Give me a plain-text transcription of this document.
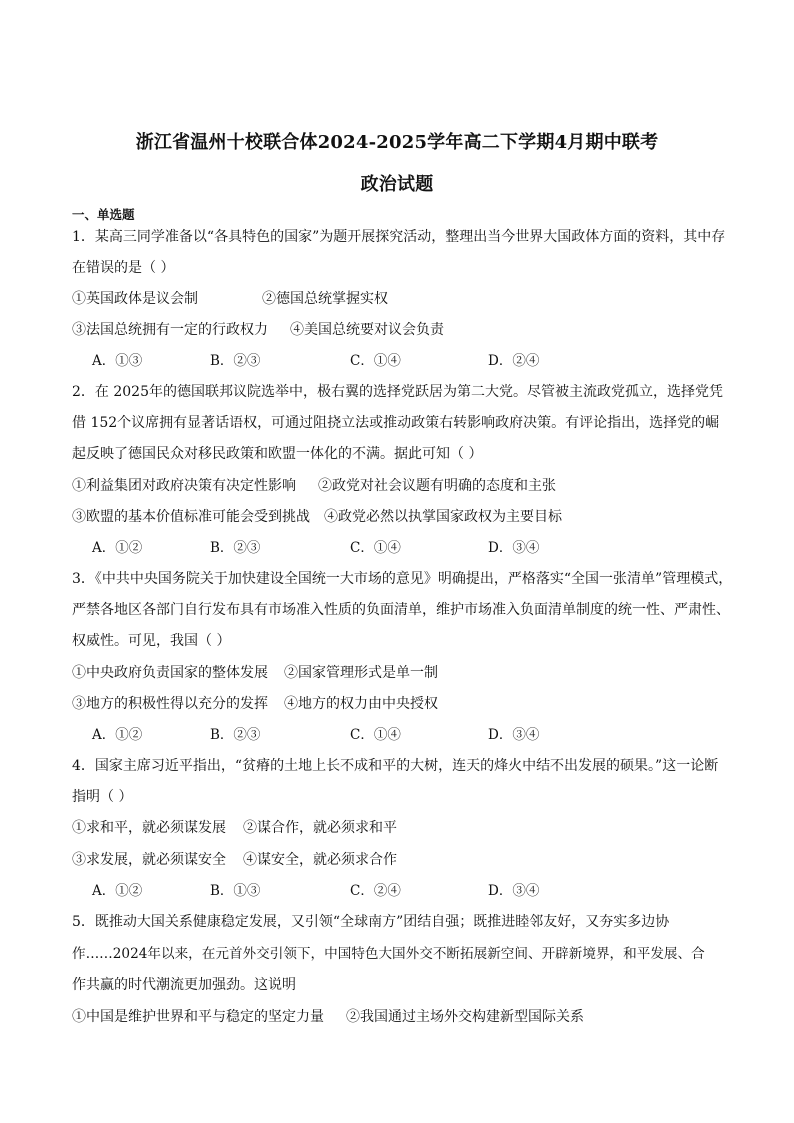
浙江省温州十校联合体2024-2025学年高二下学期4月期中联考
政治试题
一、单选题
1．某高三同学准备以“各具特色的国家”为题开展探究活动，整理出当今世界大国政体方面的资料，其中存
在错误的是（ ）
①英国政体是议会制	②德国总统掌握实权
③法国总统拥有一定的行政权力 ④美国总统要对议会负责
A．①③	B．②③	C．①④	D．②④
2．在 2025年的德国联邦议院选举中，极右翼的选择党跃居为第二大党。尽管被主流政党孤立，选择党凭
借 152个议席拥有显著话语权，可通过阻挠立法或推动政策右转影响政府决策。有评论指出，选择党的崛
起反映了德国民众对移民政策和欧盟一体化的不满。据此可知（ ）
①利益集团对政府决策有决定性影响 ②政党对社会议题有明确的态度和主张
③欧盟的基本价值标准可能会受到挑战 ④政党必然以执掌国家政权为主要目标
A．①②	B．②③	C．①④	D．③④
3．《中共中央国务院关于加快建设全国统一大市场的意见》明确提出，严格落实“全国一张清单”管理模式，
严禁各地区各部门自行发布具有市场准入性质的负面清单，维护市场准入负面清单制度的统一性、严肃性、
权威性。可见，我国（ ）
①中央政府负责国家的整体发展 ②国家管理形式是单一制
③地方的积极性得以充分的发挥 ④地方的权力由中央授权
A．①②	B．②③	C．①④	D．③④
4．国家主席习近平指出，“贫瘠的土地上长不成和平的大树，连天的烽火中结不出发展的硕果。”这一论断
指明（ ）
①求和平，就必须谋发展 ②谋合作，就必须求和平
③求发展，就必须谋安全 ④谋安全，就必须求合作
A．①②	B．①③	C．②④	D．③④
5．既推动大国关系健康稳定发展，又引领“全球南方”团结自强；既推进睦邻友好，又夯实多边协
作……2024年以来，在元首外交引领下，中国特色大国外交不断拓展新空间、开辟新境界，和平发展、合
作共赢的时代潮流更加强劲。这说明
①中国是维护世界和平与稳定的坚定力量 ②我国通过主场外交构建新型国际关系
